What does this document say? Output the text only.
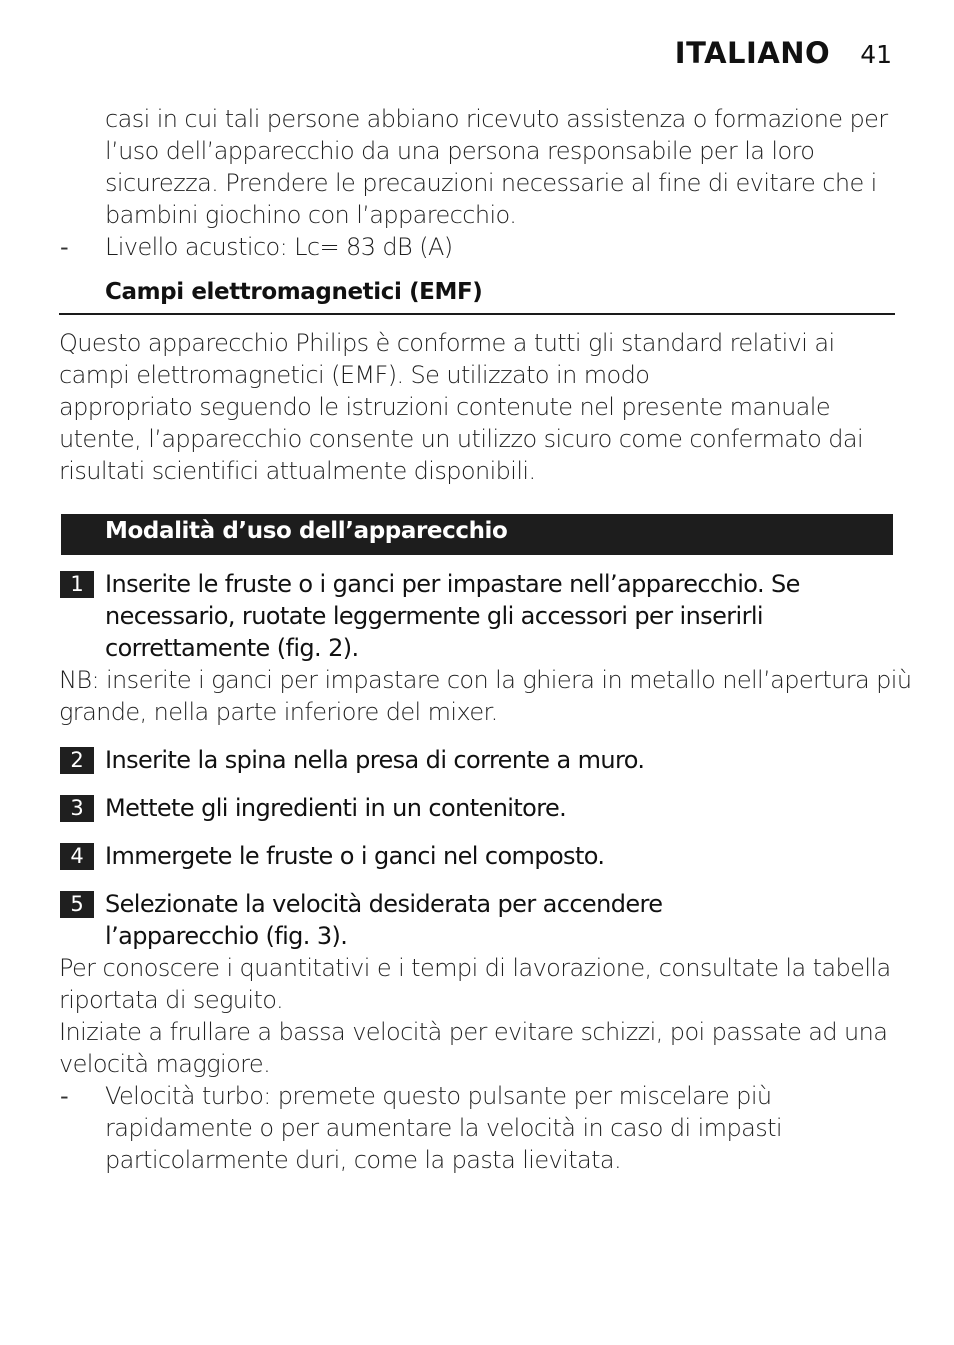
ITALIANO 41
casi in cui tali persone abbiano ricevuto assistenza o formazione per
l’uso dell’apparecchio da una persona responsabile per la loro
sicurezza. Prendere le precauzioni necessarie al fine di evitare che i
bambini giochino con l’apparecchio.
- Livello acustico: Lc= 83 dB (A)
Campi elettromagnetici (EMF)
Questo apparecchio Philips è conforme a tutti gli standard relativi ai
campi elettromagnetici (EMF). Se utilizzato in modo
appropriato seguendo le istruzioni contenute nel presente manuale
utente, l’apparecchio consente un utilizzo sicuro come confermato dai
risultati scientifici attualmente disponibili.
Modalità d’uso dell’apparecchio
1 Inserite le fruste o i ganci per impastare nell’apparecchio. Se
necessario, ruotate leggermente gli accessori per inserirli
correttamente (fig. 2).
NB: inserite i ganci per impastare con la ghiera in metallo nell’apertura più
grande, nella parte inferiore del mixer.
2 Inserite la spina nella presa di corrente a muro.
3 Mettete gli ingredienti in un contenitore.
4 Immergete le fruste o i ganci nel composto.
5 Selezionate la velocità desiderata per accendere
l’apparecchio (fig. 3).
Per conoscere i quantitativi e i tempi di lavorazione, consultate la tabella
riportata di seguito.
Iniziate a frullare a bassa velocità per evitare schizzi, poi passate ad una
velocità maggiore.
- Velocità turbo: premete questo pulsante per miscelare più
rapidamente o per aumentare la velocità in caso di impasti
particolarmente duri, come la pasta lievitata.
